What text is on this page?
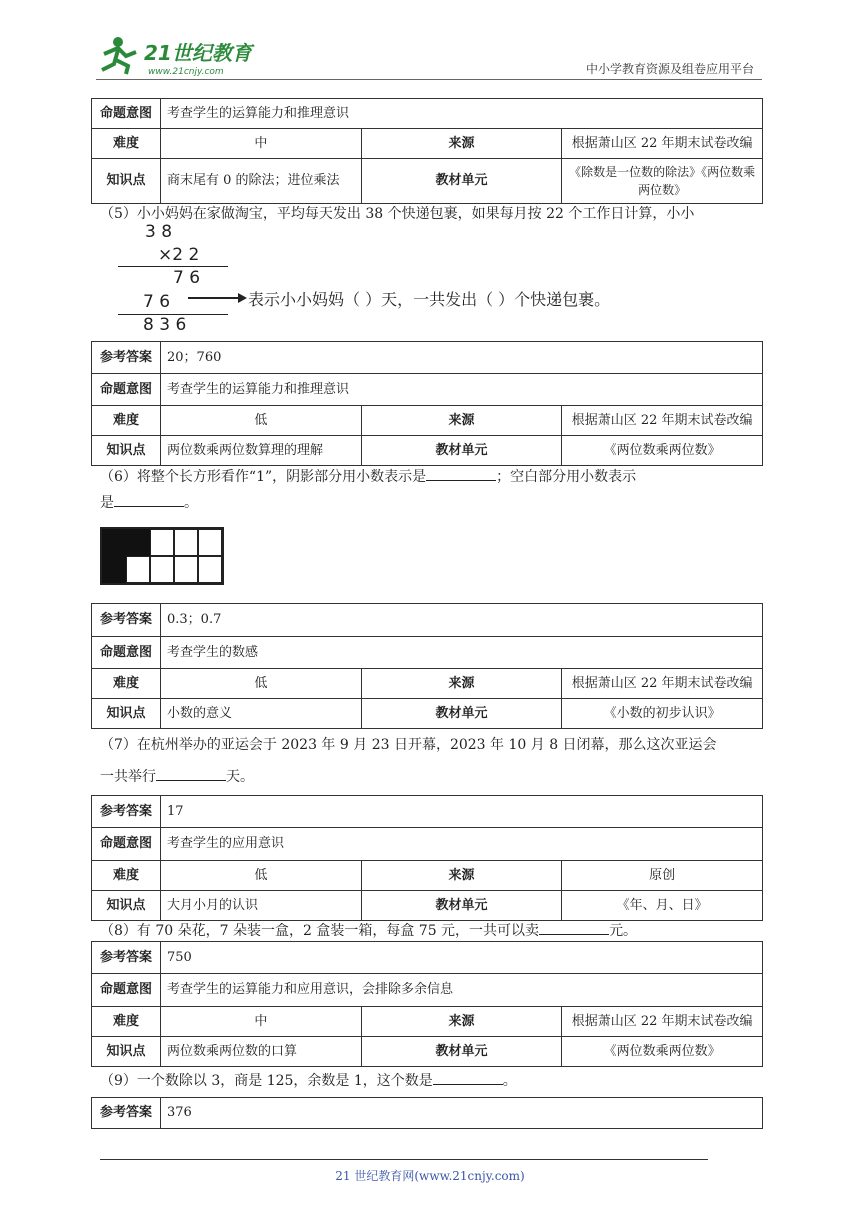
21世纪教育
www.21cnjy.com	中小学教育资源及组卷应用平台
命题意图	考查学生的运算能力和推理意识		
难度	中	来源	根据萧山区 22 年期末试卷改编
知识点	商末尾有 0 的除法；进位乘法	教材单元	《除数是一位数的除法》《两位数乘两位数》
（5）小小妈妈在家做淘宝，平均每天发出 38 个快递包裹，如果每月按 22 个工作日计算，小小
3 8
×2 2
7 6
7 6
8 3 6
表示小小妈妈（ ）天，一共发出（ ）个快递包裹。
参考答案	20；760		
命题意图	考查学生的运算能力和推理意识		
难度	低	来源	根据萧山区 22 年期末试卷改编
知识点	两位数乘两位数算理的理解	教材单元	《两位数乘两位数》
（6）将整个长方形看作“1”，阴影部分用小数表示是	；空白部分用小数表示
是	。
参考答案	0.3；0.7		
命题意图	考查学生的数感		
难度	低	来源	根据萧山区 22 年期末试卷改编
知识点	小数的意义	教材单元	《小数的初步认识》
（7）在杭州举办的亚运会于 2023 年 9 月 23 日开幕，2023 年 10 月 8 日闭幕，那么这次亚运会
一共举行	天。
参考答案	17		
命题意图	考查学生的应用意识		
难度	低	来源	原创
知识点	大月小月的认识	教材单元	《年、月、日》
（8）有 70 朵花，7 朵装一盒，2 盒装一箱，每盒 75 元，一共可以卖	元。
参考答案	750		
命题意图	考查学生的运算能力和应用意识，会排除多余信息		
难度	中	来源	根据萧山区 22 年期末试卷改编
知识点	两位数乘两位数的口算	教材单元	《两位数乘两位数》
（9）一个数除以 3，商是 125，余数是 1，这个数是	。
参考答案	376
21 世纪教育网(www.21cnjy.com)
